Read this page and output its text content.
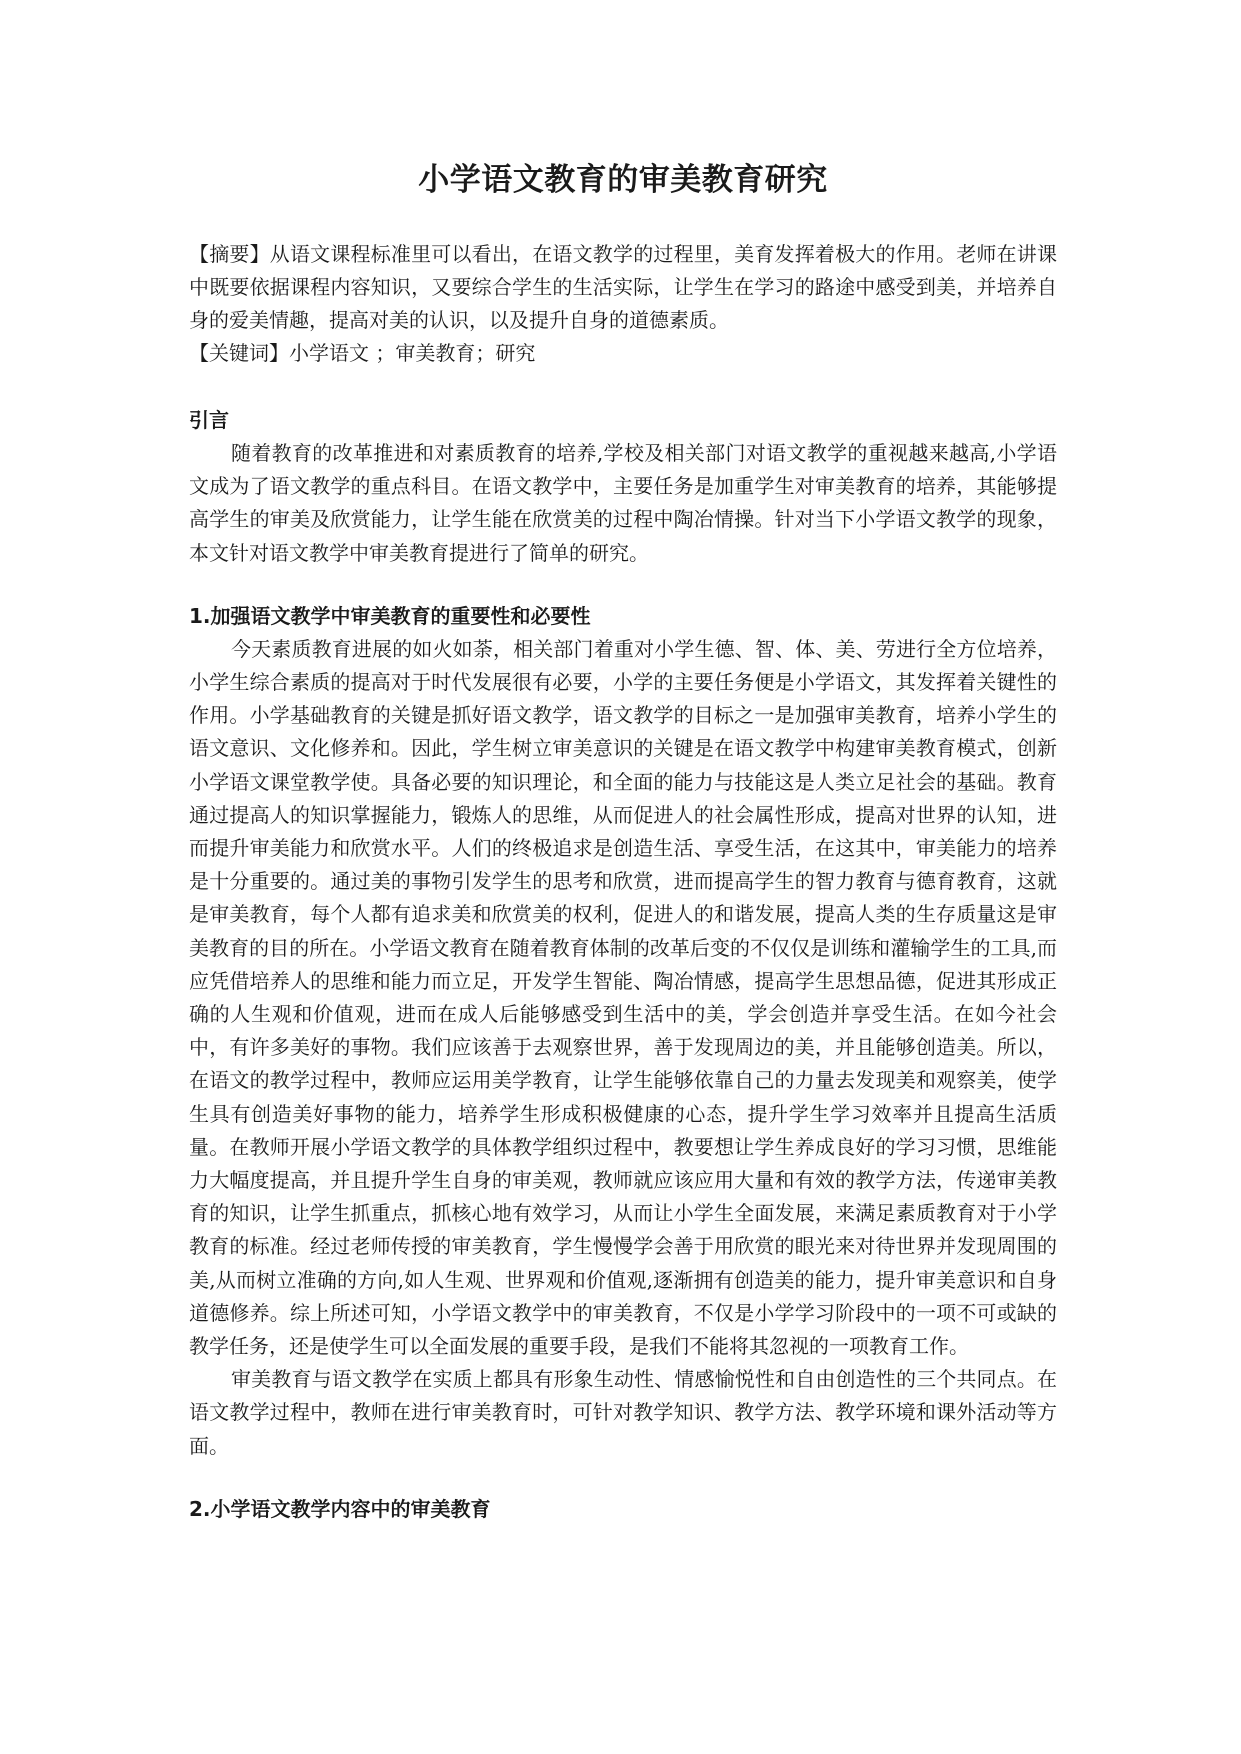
小学语文教育的审美教育研究

【摘要】从语文课程标准里可以看出，在语文教学的过程里，美育发挥着极大的作用。老师在讲课中既要依据课程内容知识，又要综合学生的生活实际，让学生在学习的路途中感受到美，并培养自身的爱美情趣，提高对美的认识，以及提升自身的道德素质。

【关键词】小学语文 ；审美教育；研究

引言

随着教育的改革推进和对素质教育的培养,学校及相关部门对语文教学的重视越来越高,小学语文成为了语文教学的重点科目。在语文教学中，主要任务是加重学生对审美教育的培养，其能够提高学生的审美及欣赏能力，让学生能在欣赏美的过程中陶冶情操。针对当下小学语文教学的现象，本文针对语文教学中审美教育提进行了简单的研究。

1.加强语文教学中审美教育的重要性和必要性

今天素质教育进展的如火如荼，相关部门着重对小学生德、智、体、美、劳进行全方位培养，小学生综合素质的提高对于时代发展很有必要，小学的主要任务便是小学语文，其发挥着关键性的作用。小学基础教育的关键是抓好语文教学，语文教学的目标之一是加强审美教育，培养小学生的语文意识、文化修养和。因此，学生树立审美意识的关键是在语文教学中构建审美教育模式，创新小学语文课堂教学使。具备必要的知识理论，和全面的能力与技能这是人类立足社会的基础。教育通过提高人的知识掌握能力，锻炼人的思维，从而促进人的社会属性形成，提高对世界的认知，进而提升审美能力和欣赏水平。人们的终极追求是创造生活、享受生活，在这其中，审美能力的培养是十分重要的。通过美的事物引发学生的思考和欣赏，进而提高学生的智力教育与德育教育，这就是审美教育，每个人都有追求美和欣赏美的权利，促进人的和谐发展，提高人类的生存质量这是审美教育的目的所在。小学语文教育在随着教育体制的改革后变的不仅仅是训练和灌输学生的工具,而应凭借培养人的思维和能力而立足，开发学生智能、陶冶情感，提高学生思想品德，促进其形成正确的人生观和价值观，进而在成人后能够感受到生活中的美，学会创造并享受生活。在如今社会中，有许多美好的事物。我们应该善于去观察世界，善于发现周边的美，并且能够创造美。所以，在语文的教学过程中，教师应运用美学教育，让学生能够依靠自己的力量去发现美和观察美，使学生具有创造美好事物的能力，培养学生形成积极健康的心态，提升学生学习效率并且提高生活质量。在教师开展小学语文教学的具体教学组织过程中，教要想让学生养成良好的学习习惯，思维能力大幅度提高，并且提升学生自身的审美观，教师就应该应用大量和有效的教学方法，传递审美教育的知识，让学生抓重点，抓核心地有效学习，从而让小学生全面发展，来满足素质教育对于小学教育的标准。经过老师传授的审美教育，学生慢慢学会善于用欣赏的眼光来对待世界并发现周围的美,从而树立准确的方向,如人生观、世界观和价值观,逐渐拥有创造美的能力，提升审美意识和自身道德修养。综上所述可知，小学语文教学中的审美教育，不仅是小学学习阶段中的一项不可或缺的教学任务，还是使学生可以全面发展的重要手段，是我们不能将其忽视的一项教育工作。

审美教育与语文教学在实质上都具有形象生动性、情感愉悦性和自由创造性的三个共同点。在语文教学过程中，教师在进行审美教育时，可针对教学知识、教学方法、教学环境和课外活动等方面。

2.小学语文教学内容中的审美教育
